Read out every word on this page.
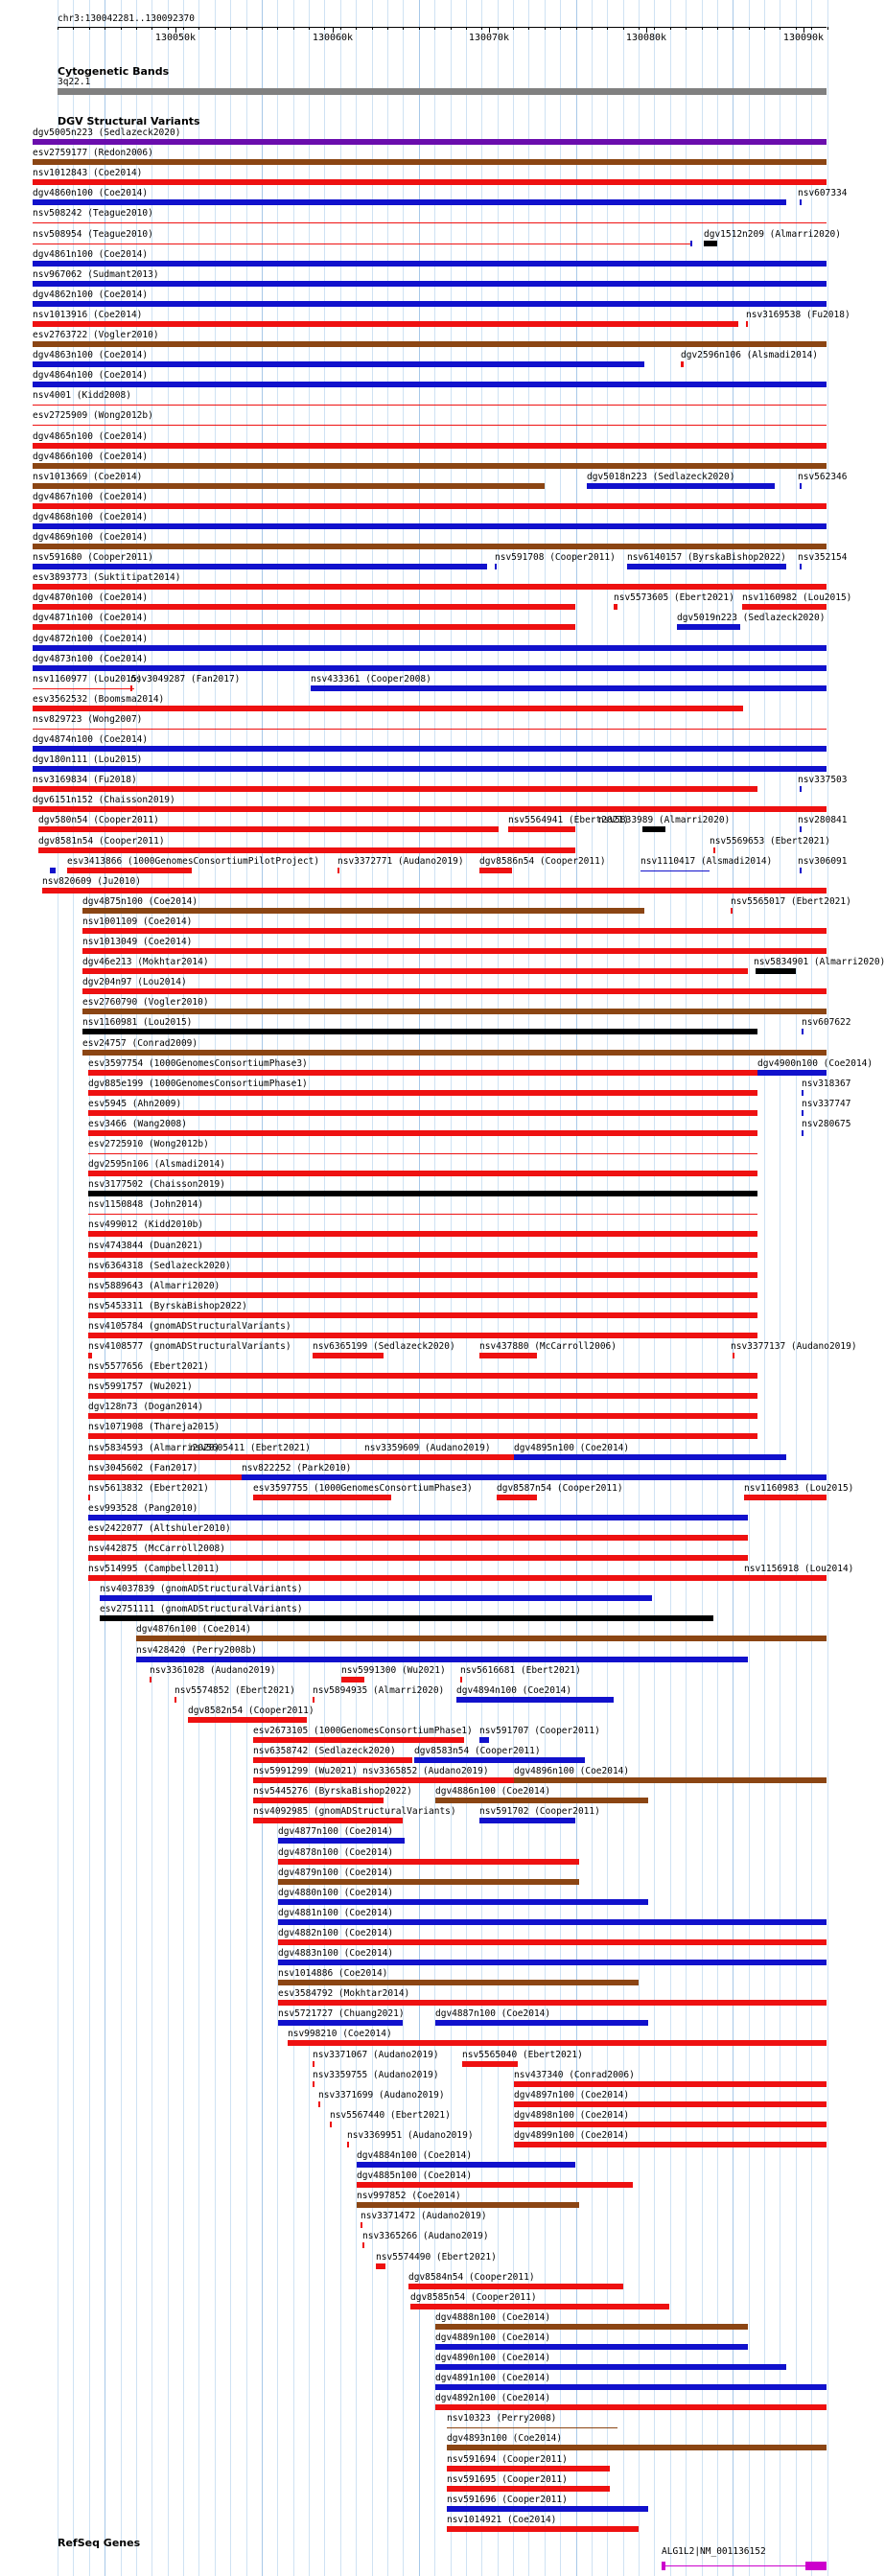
chr3:130042281..130092370
130050k	130060k	130070k	130080k	130090k
Cytogenetic Bands
3q22.1
DGV Structural Variants
dgv5005n223 (Sedlazeck2020)
esv2759177 (Redon2006)
nsv1012843 (Coe2014)
dgv4860n100 (Coe2014)	nsv607334
nsv508242 (Teague2010)
nsv508954 (Teague2010)	dgv1512n209 (Almarri2020)
dgv4861n100 (Coe2014)
nsv967062 (Sudmant2013)
dgv4862n100 (Coe2014)
nsv1013916 (Coe2014)	nsv3169538 (Fu2018)
esv2763722 (Vogler2010)
dgv4863n100 (Coe2014)	dgv2596n106 (Alsmadi2014)
dgv4864n100 (Coe2014)
nsv4001 (Kidd2008)
esv2725909 (Wong2012b)
dgv4865n100 (Coe2014)
dgv4866n100 (Coe2014)
nsv1013669 (Coe2014)	dgv5018n223 (Sedlazeck2020)	nsv562346
dgv4867n100 (Coe2014)
dgv4868n100 (Coe2014)
dgv4869n100 (Coe2014)
nsv591680 (Cooper2011)	nsv591708 (Cooper2011) nsv6140157 (ByrskaBishop2022) nsv352154
esv3893773 (Suktitipat2014)
dgv4870n100 (Coe2014)	nsv5573605 (Ebert2021) nsv1160982 (Lou2015)
dgv4871n100 (Coe2014)	dgv5019n223 (Sedlazeck2020)
dgv4872n100 (Coe2014)
dgv4873n100 (Coe2014)
nsv1160977 (Lou2015)
nsv3049287 (Fan2017)	nsv433361 (Cooper2008)
esv3562532 (Boomsma2014)
nsv829723 (Wong2007)
dgv4874n100 (Coe2014)
dgv180n111 (Lou2015)
nsv3169834 (Fu2018)	nsv337503
dgv6151n152 (Chaisson2019)
dgv580n54 (Cooper2011)	nsv5564941 (Ebert2021)
nsv5833989 (Almarri2020)	nsv280841
dgv8581n54 (Cooper2011)	nsv5569653 (Ebert2021)
esv3413866 (1000GenomesConsortiumPilotProject) nsv3372771 (Audano2019) dgv8586n54 (Cooper2011)	nsv1110417 (Alsmadi2014)	nsv306091
nsv820609 (Ju2010)
dgv4875n100 (Coe2014)	nsv5565017 (Ebert2021)
nsv1001109 (Coe2014)
nsv1013049 (Coe2014)
dgv46e213 (Mokhtar2014)	nsv5834901 (Almarri2020)
dgv204n97 (Lou2014)
esv2760790 (Vogler2010)
nsv1160981 (Lou2015)	nsv607622
esv24757 (Conrad2009)
esv3597754 (1000GenomesConsortiumPhase3)	dgv4900n100 (Coe2014)
dgv885e199 (1000GenomesConsortiumPhase1)	nsv318367
esv5945 (Ahn2009)	nsv337747
esv3466 (Wang2008)	nsv280675
esv2725910 (Wong2012b)
dgv2595n106 (Alsmadi2014)
nsv3177502 (Chaisson2019)
nsv1150848 (John2014)
nsv499012 (Kidd2010b)
nsv4743844 (Duan2021)
nsv6364318 (Sedlazeck2020)
nsv5889643 (Almarri2020)
nsv5453311 (ByrskaBishop2022)
nsv4105784 (gnomADStructuralVariants)
nsv4108577 (gnomADStructuralVariants) nsv6365199 (Sedlazeck2020)	nsv437880 (McCarroll2006)	nsv3377137 (Audano2019)
nsv5577656 (Ebert2021)
nsv5991757 (Wu2021)
dgv128n73 (Dogan2014)
nsv1071908 (Thareja2015)
nsv5834593 (Almarri2020)
nsv5605411 (Ebert2021)	nsv3359609 (Audano2019)	dgv4895n100 (Coe2014)
nsv3045602 (Fan2017)	nsv822252 (Park2010)
nsv5613832 (Ebert2021)	esv3597755 (1000GenomesConsortiumPhase3)	dgv8587n54 (Cooper2011)	nsv1160983 (Lou2015)
esv993528 (Pang2010)
esv2422077 (Altshuler2010)
nsv442875 (McCarroll2008)
nsv514995 (Campbell2011)	nsv1156918 (Lou2014)
nsv4037839 (gnomADStructuralVariants)
esv2751111 (gnomADStructuralVariants)
dgv4876n100 (Coe2014)
nsv428420 (Perry2008b)
nsv3361028 (Audano2019)	nsv5991300 (Wu2021) nsv5616681 (Ebert2021)
nsv5574852 (Ebert2021) nsv5894935 (Almarri2020) dgv4894n100 (Coe2014)
dgv8582n54 (Cooper2011)
esv2673105 (1000GenomesConsortiumPhase1) nsv591707 (Cooper2011)
nsv6358742 (Sedlazeck2020) dgv8583n54 (Cooper2011)
nsv5991299 (Wu2021) nsv3365852 (Audano2019)	dgv4896n100 (Coe2014)
nsv5445276 (ByrskaBishop2022)	dgv4886n100 (Coe2014)
nsv4092985 (gnomADStructuralVariants)	nsv591702 (Cooper2011)
dgv4877n100 (Coe2014)
dgv4878n100 (Coe2014)
dgv4879n100 (Coe2014)
dgv4880n100 (Coe2014)
dgv4881n100 (Coe2014)
dgv4882n100 (Coe2014)
dgv4883n100 (Coe2014)
nsv1014886 (Coe2014)
esv3584792 (Mokhtar2014)
nsv5721727 (Chuang2021)	dgv4887n100 (Coe2014)
nsv998210 (Coe2014)
nsv3371067 (Audano2019)	nsv5565040 (Ebert2021)
nsv3359755 (Audano2019)	nsv437340 (Conrad2006)
nsv3371699 (Audano2019)	dgv4897n100 (Coe2014)
nsv5567440 (Ebert2021)	dgv4898n100 (Coe2014)
nsv3369951 (Audano2019)	dgv4899n100 (Coe2014)
dgv4884n100 (Coe2014)
dgv4885n100 (Coe2014)
nsv997852 (Coe2014)
nsv3371472 (Audano2019)
nsv3365266 (Audano2019)
nsv5574490 (Ebert2021)
dgv8584n54 (Cooper2011)
dgv8585n54 (Cooper2011)
dgv4888n100 (Coe2014)
dgv4889n100 (Coe2014)
dgv4890n100 (Coe2014)
dgv4891n100 (Coe2014)
dgv4892n100 (Coe2014)
nsv10323 (Perry2008)
dgv4893n100 (Coe2014)
nsv591694 (Cooper2011)
nsv591695 (Cooper2011)
nsv591696 (Cooper2011)
nsv1014921 (Coe2014)
RefSeq Genes
ALG1L2|NM_001136152
